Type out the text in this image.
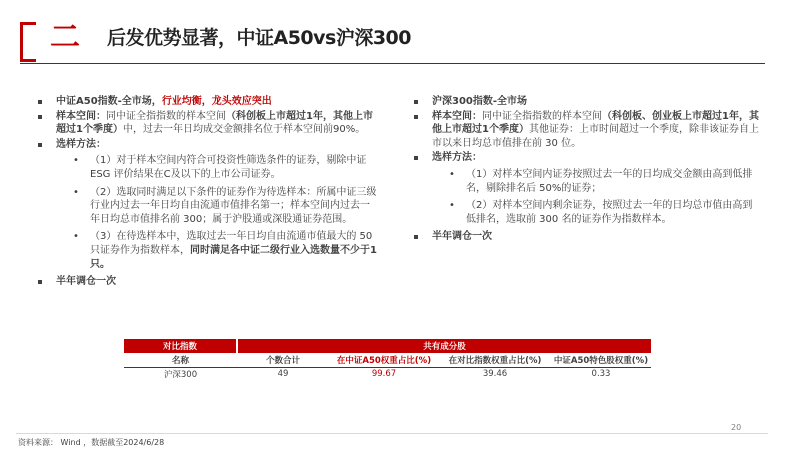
二 后发优势显著，中证A50vs沪深300
中证A50指数-全市场，行业均衡，龙头效应突出
样本空间：同中证全指指数的样本空间（科创板上市超过1年，其他上市超过1个季度）中，过去一年日均成交金额排名位于样本空间前90%。
选样方法：
• （1）对于样本空间内符合可投资性筛选条件的证券，剔除中证 ESG 评价结果在C及以下的上市公司证券。
• （2）选取同时满足以下条件的证券作为待选样本：所属中证三级行业内过去一年日均自由流通市值排名第一；样本空间内过去一年日均总市值排名前 300；属于沪股通或深股通证券范围。
• （3）在待选样本中，选取过去一年日均自由流通市值最大的 50 只证券作为指数样本，同时满足各中证二级行业入选数量不少于1只。
半年调仓一次
沪深300指数-全市场
样本空间：同中证全指指数的样本空间（科创板、创业板上市超过1年，其他上市超过1个季度）其他证券：上市时间超过一个季度，除非该证券自上市以来日均总市值排在前 30 位。
选样方法：
• （1）对样本空间内证券按照过去一年的日均成交金额由高到低排名，剔除排名后 50%的证券；
• （2）对样本空间内剩余证券，按照过去一年的日均总市值由高到低排名，选取前 300 名的证券作为指数样本。
半年调仓一次
对比指数	共有成分股			
名称	个数合计	在中证A50权重占比(%)	在对比指数权重占比(%)	中证A50特色股权重(%)
沪深300	49	99.67	39.46	0.33
20
资料来源： Wind ，数据截至2024/6/28
